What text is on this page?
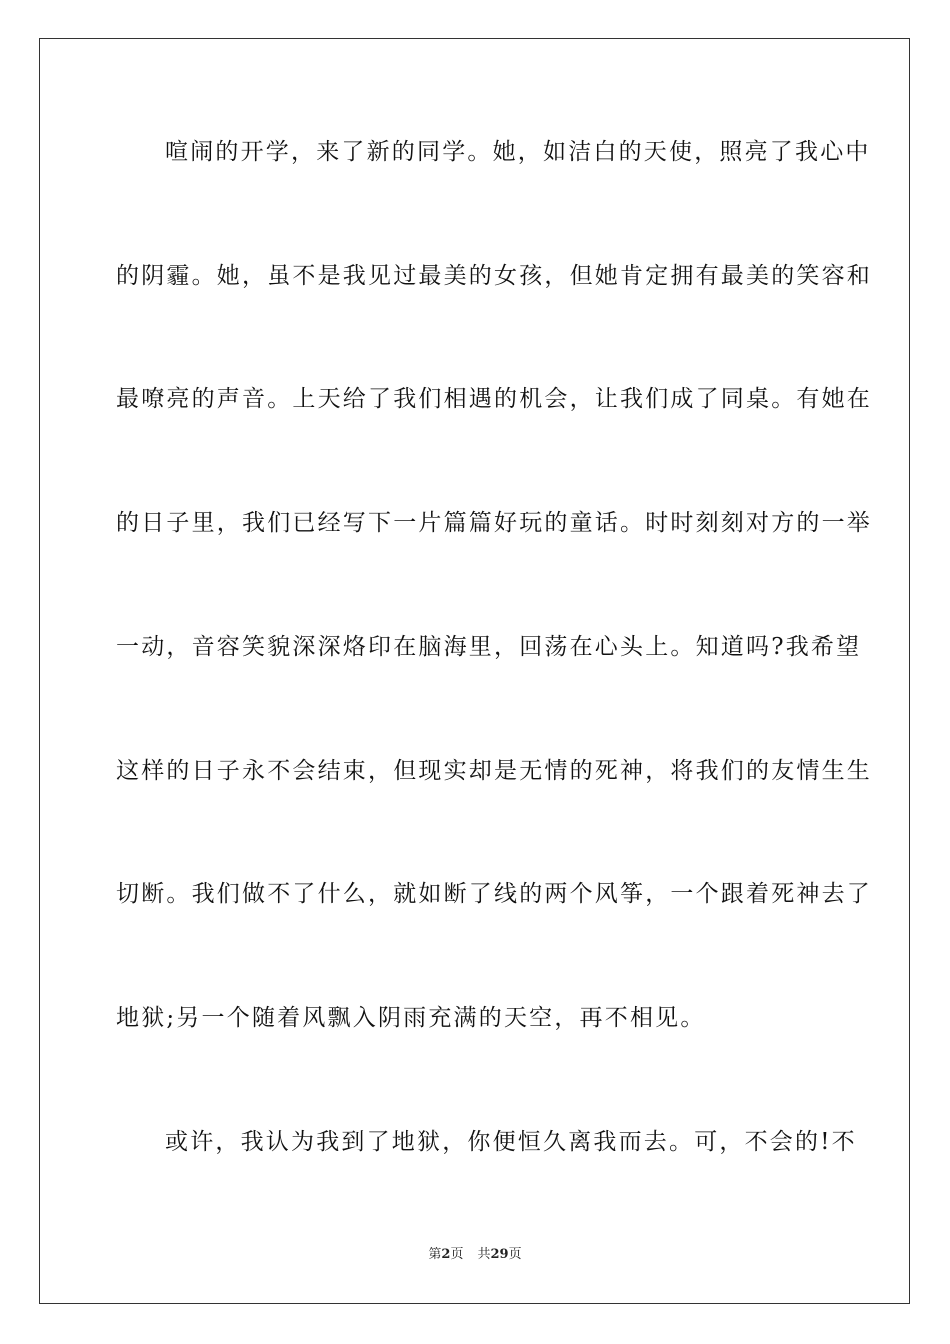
喧闹的开学，来了新的同学。她，如洁白的天使，照亮了我心中
的阴霾。她，虽不是我见过最美的女孩，但她肯定拥有最美的笑容和
最嘹亮的声音。上天给了我们相遇的机会，让我们成了同桌。有她在
的日子里，我们已经写下一片篇篇好玩的童话。时时刻刻对方的一举
一动，音容笑貌深深烙印在脑海里，回荡在心头上。知道吗?我希望
这样的日子永不会结束，但现实却是无情的死神，将我们的友情生生
切断。我们做不了什么，就如断了线的两个风筝，一个跟着死神去了
地狱;另一个随着风飘入阴雨充满的天空，再不相见。
或许，我认为我到了地狱，你便恒久离我而去。可，不会的!不
第2页 共29页
